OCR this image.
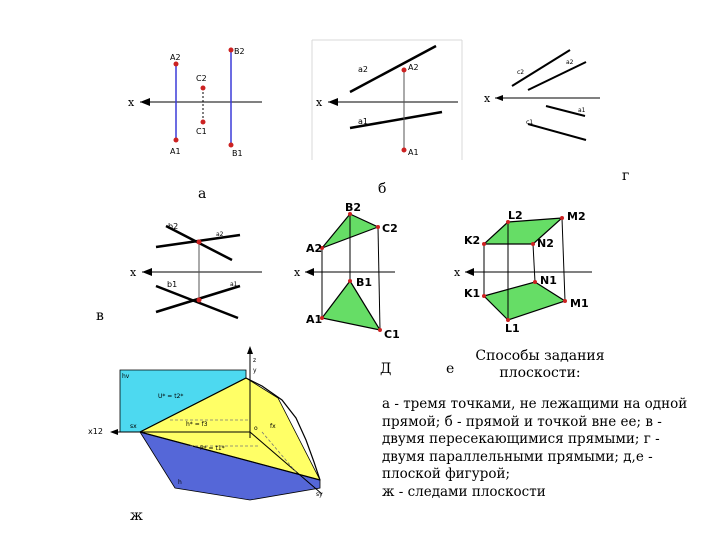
x
A2
B2
C2
C1
A1	B1
а
x
a2	A2
a1
A1
б
x
c2
a2
a1
c1
г
x
b2
a2
b1	a1
в
x
B2
C2
A2
B1
A1
C1
Д
x
L2	M2
K2	N2
K1
N1
M1
L1
е
z
y
hv
U* = t2*
h* = f3
P* = t1*
o
x12
sx	fx
h
sy
ж
Способы задания плоскости:
а - тремя точками, не лежащими на одной
прямой; б - прямой и точкой вне ее; в -
двумя пересекающимися прямыми; г -
двумя параллельными прямыми; д,е -
плоской фигурой;
ж - следами плоскости
